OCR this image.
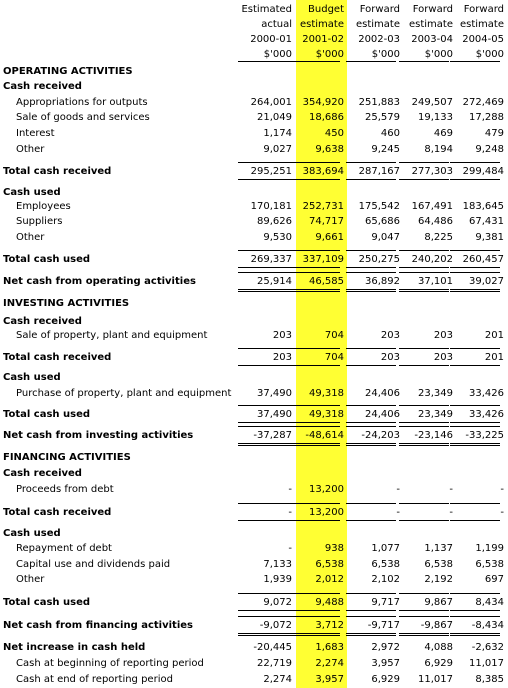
Estimated
actual
2000-01
$'000
Budget
estimate
2001-02
$'000
Forward
estimate
2002-03
$'000
Forward
estimate
2003-04
$'000
Forward
estimate
2004-05
$'000
OPERATING ACTIVITIES
Cash received
Appropriations for outputs	264,001	354,920	251,883	249,507 272,469
Sale of goods and services	21,049	18,686	25,579	19,133	17,288
Interest	1,174	450	460	469	479
Other	9,027	9,638	9,245	8,194	9,248
Total cash received	295,251	383,694	287,167	277,303 299,484
Cash used
Employees	170,181	252,731	175,542	167,491 183,645
Suppliers	89,626	74,717	65,686	64,486	67,431
Other	9,530	9,661	9,047	8,225	9,381
Total cash used	269,337	337,109	250,275	240,202 260,457
Net cash from operating activities	25,914	46,585	36,892	37,101	39,027
INVESTING ACTIVITIES
Cash received
Sale of property, plant and equipment	203	704	203	203	201
Total cash received	203	704	203	203	201
Cash used
Purchase of property, plant and equipment	37,490	49,318	24,406	23,349	33,426
Total cash used	37,490	49,318	24,406	23,349	33,426
Net cash from investing activities	-37,287	-48,614	-24,203	-23,146	-33,225
FINANCING ACTIVITIES
Cash received
Proceeds from debt	-	13,200	-	-	-
Total cash received	-	13,200	-	-	-
Cash used
Repayment of debt	-	938	1,077	1,137	1,199
Capital use and dividends paid	7,133	6,538	6,538	6,538	6,538
Other	1,939	2,012	2,102	2,192	697
Total cash used	9,072	9,488	9,717	9,867	8,434
Net cash from financing activities	-9,072	3,712	-9,717	-9,867	-8,434
Net increase in cash held	-20,445	1,683	2,972	4,088	-2,632
Cash at beginning of reporting period	22,719	2,274	3,957	6,929	11,017
Cash at end of reporting period	2,274	3,957	6,929	11,017	8,385
